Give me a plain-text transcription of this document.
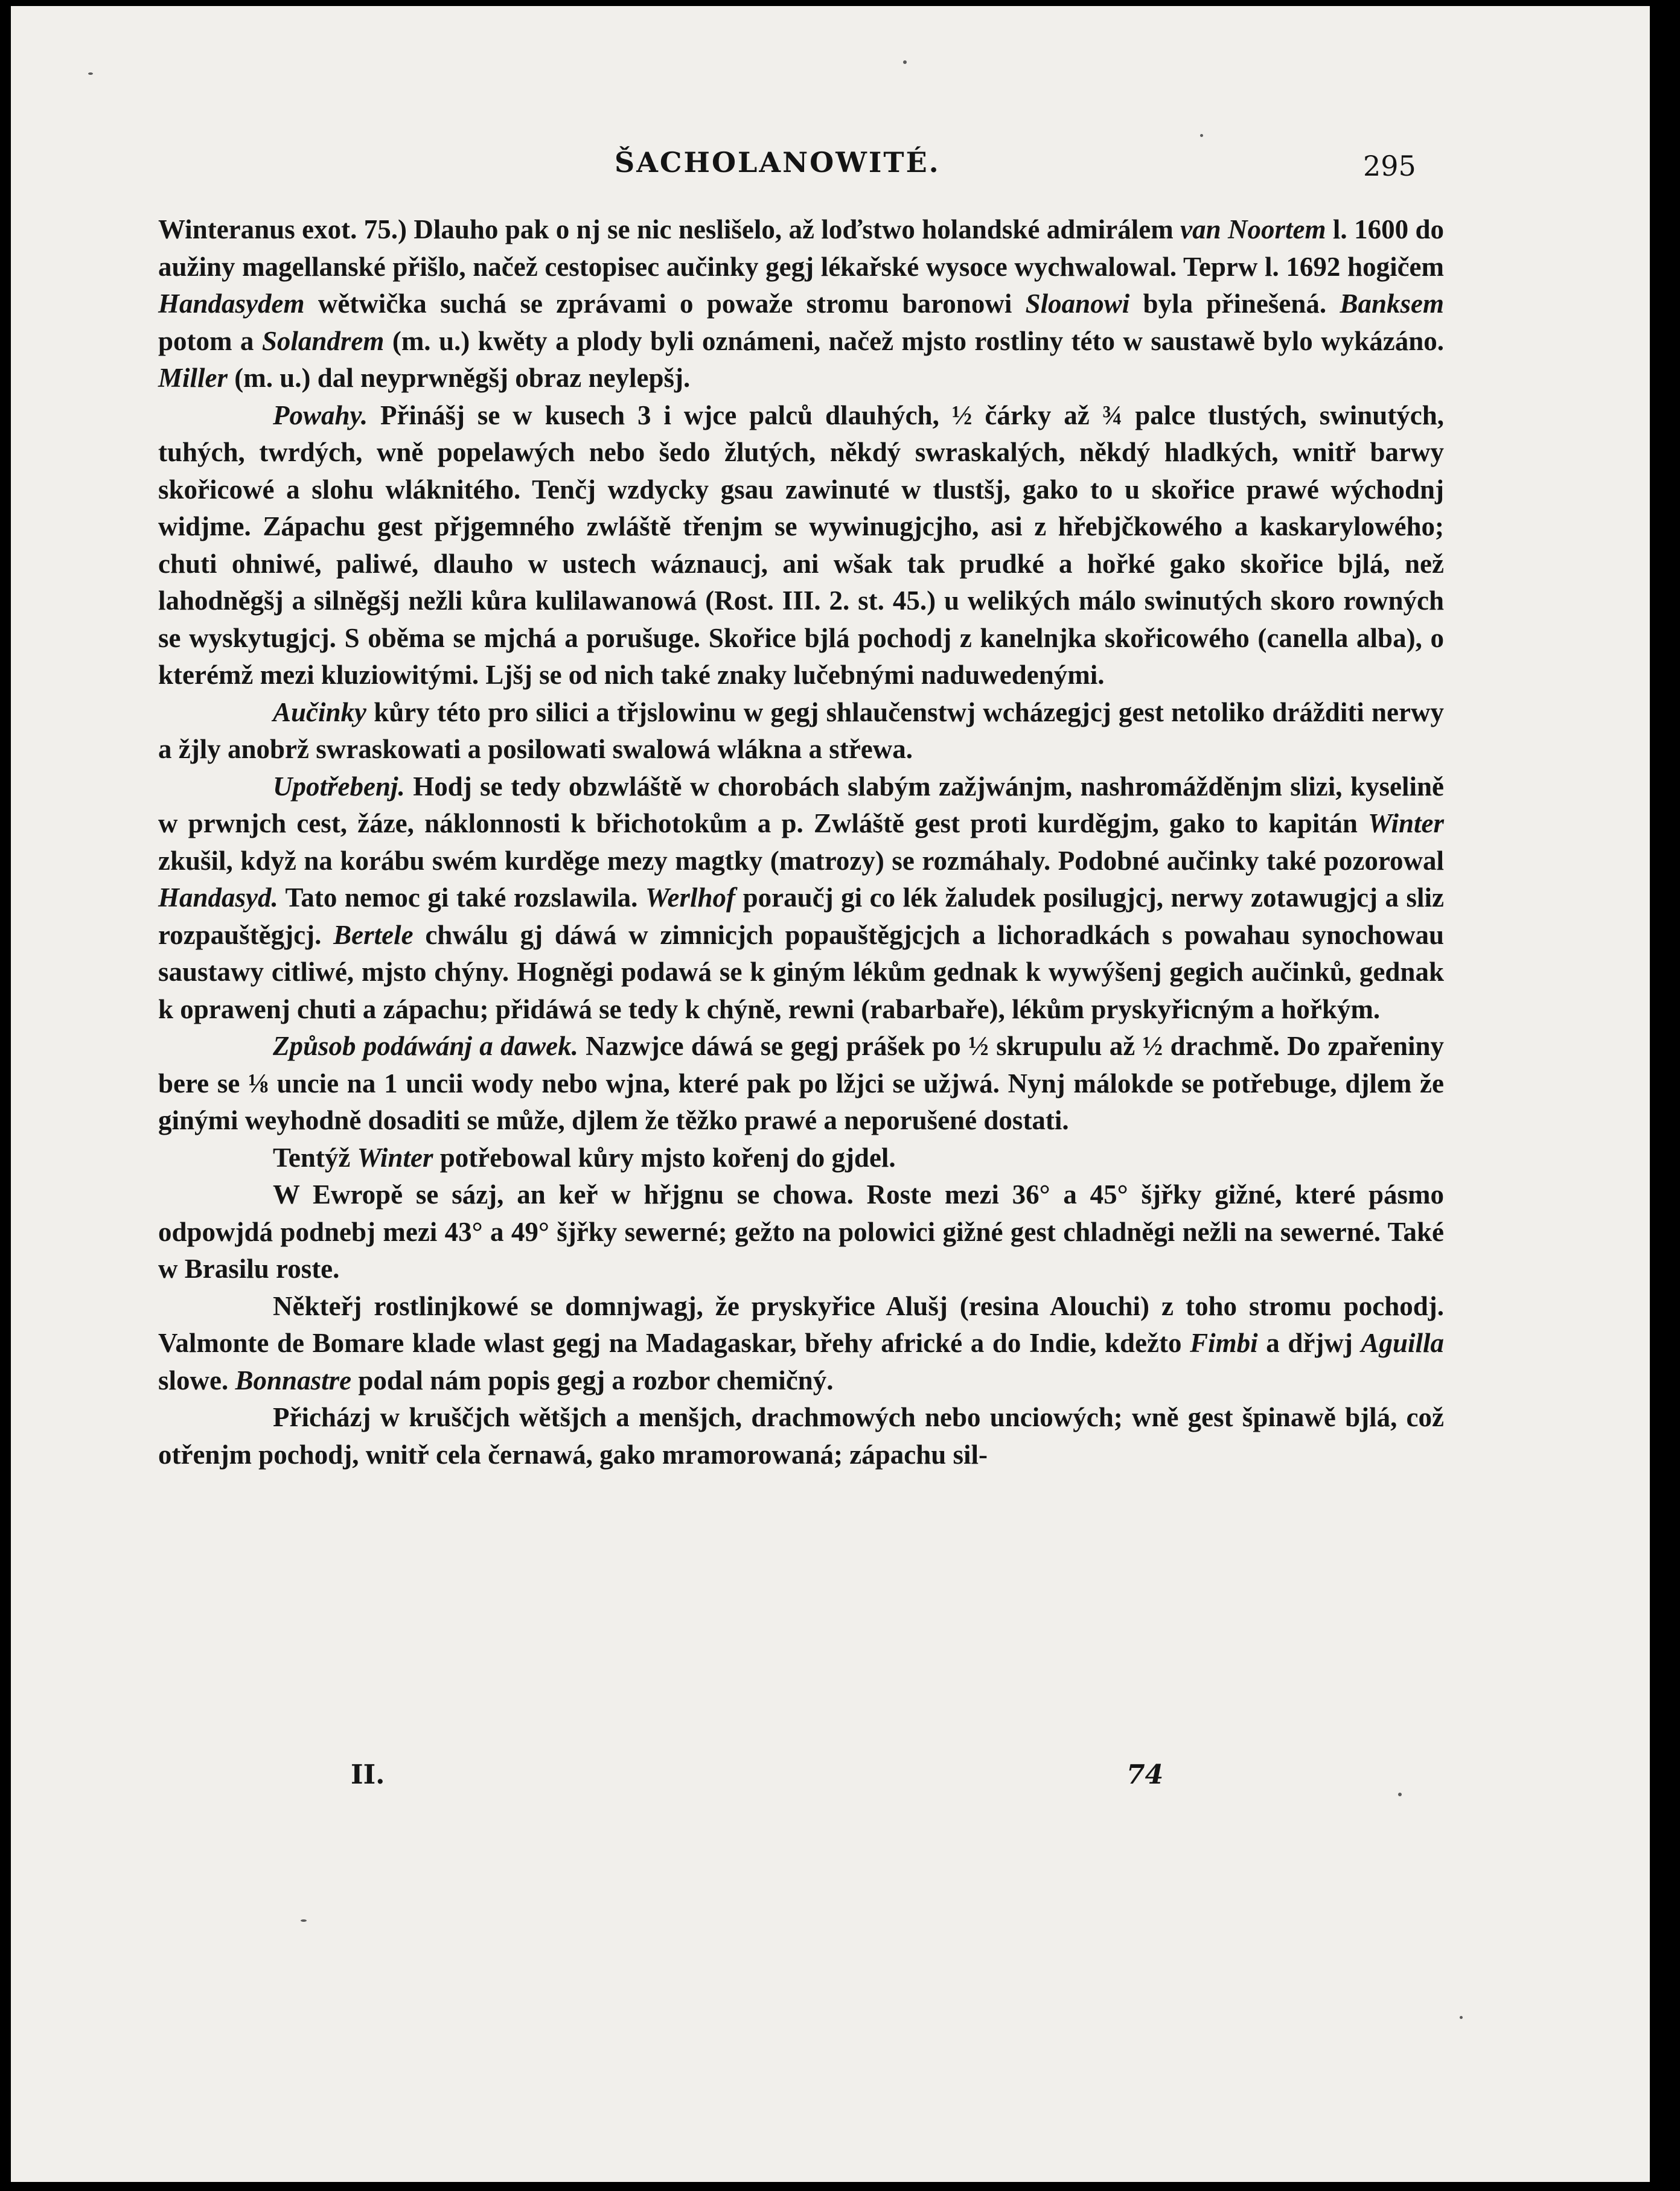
ŠACHOLANOWITÉ.	295

Winteranus exot. 75.) Dlauho pak o nj se nic neslišelo, až loďstwo holandské admirálem van Noortem l. 1600 do aužiny magellanské přišlo, načež cestopisec aučinky gegj lékařské wysoce wychwalowal. Teprw l. 1692 hogičem Handasydem wětwička suchá se zprávami o powaže stromu baronowi Sloanowi byla přinešená. Banksem potom a Solandrem (m. u.) kwěty a plody byli oznámeni, načež mjsto rostliny této w saustawě bylo wykázáno. Miller (m. u.) dal neyprwněgšj obraz neylepšj.

Powahy. Přinášj se w kusech 3 i wjce palců dlauhých, ½ čárky až ¾ palce tlustých, swinutých, tuhých, twrdých, wně popelawých nebo šedo žlutých, někdý swraskalých, někdý hladkých, wnitř barwy skořicowé a slohu wláknitého. Tenčj wzdycky gsau zawinuté w tlustšj, gako to u skořice prawé wýchodnj widjme. Zápachu gest přjgemného zwláště třenjm se wywinugjcjho, asi z hřebjčkowého a kaskarylowého; chuti ohniwé, paliwé, dlauho w ustech wáznaucj, ani wšak tak prudké a hořké gako skořice bjlá, než lahodněgšj a silněgšj nežli kůra kulilawanowá (Rost. III. 2. st. 45.) u welikých málo swinutých skoro rowných se wyskytugjcj. S oběma se mjchá a porušuge. Skořice bjlá pochodj z kanelnjka skořicowého (canella alba), o kterémž mezi kluziowitými. Ljšj se od nich také znaky lučebnými naduwedenými.

Aučinky kůry této pro silici a třjslowinu w gegj shlaučenstwj wcházegjcj gest netoliko drážditi nerwy a žjly anobrž swraskowati a posilowati swalowá wlákna a střewa.

Upotřebenj. Hodj se tedy obzwláště w chorobách slabým zažjwánjm, nashromážděnjm slizi, kyselině w prwnjch cest, žáze, náklonnosti k břichotokům a p. Zwláště gest proti kurděgjm, gako to kapitán Winter zkušil, když na korábu swém kurděge mezy magtky (matrozy) se rozmáhaly. Podobné aučinky také pozorowal Handasyd. Tato nemoc gi také rozslawila. Werlhof poraučj gi co lék žaludek posilugjcj, nerwy zotawugjcj a sliz rozpauštěgjcj. Bertele chwálu gj dáwá w zimnicjch popauštěgjcjch a lichoradkách s powahau synochowau saustawy citliwé, mjsto chýny. Hogněgi podawá se k giným lékům gednak k wywýšenj gegich aučinků, gednak k oprawenj chuti a zápachu; přidáwá se tedy k chýně, rewni (rabarbaře), lékům pryskyřicným a hořkým.

Způsob podáwánj a dawek. Nazwjce dáwá se gegj prášek po ½ skrupulu až ½ drachmě. Do zpařeniny bere se ⅛ uncie na 1 uncii wody nebo wjna, které pak po lžjci se užjwá. Nynj málokde se potřebuge, djlem že ginými weyhodně dosaditi se může, djlem že těžko prawé a neporušené dostati.

Tentýž Winter potřebowal kůry mjsto kořenj do gjdel.

W Ewropě se sázj, an keř w hřjgnu se chowa. Roste mezi 36° a 45° šjřky gižné, které pásmo odpowjdá podnebj mezi 43° a 49° šjřky sewerné; gežto na polowici gižné gest chladněgi nežli na sewerné. Také w Brasilu roste.

Někteřj rostlinjkowé se domnjwagj, že pryskyřice Alušj (resina Alouchi) z toho stromu pochodj. Valmonte de Bomare klade wlast gegj na Madagaskar, břehy africké a do Indie, kdežto Fimbi a dřjwj Aguilla slowe. Bonnastre podal nám popis gegj a rozbor chemičný.

Přicházj w kruščjch wětšjch a menšjch, drachmowých nebo unciowých; wně gest špinawě bjlá, což otřenjm pochodj, wnitř cela černawá, gako mramorowaná; zápachu sil-

II.	74
